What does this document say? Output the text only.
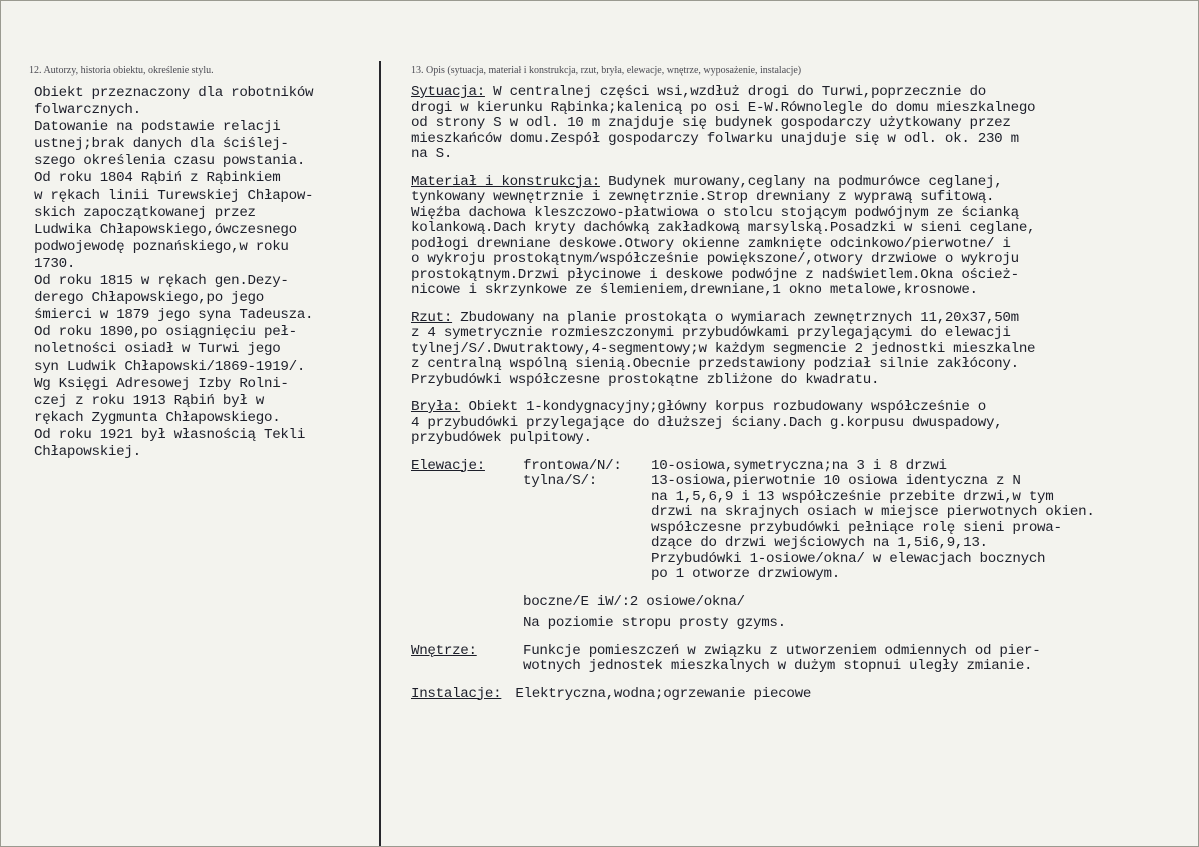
12. Autorzy, historia obiektu, określenie stylu.	13. Opis (sytuacja, materiał i konstrukcja, rzut, bryła, elewacje, wnętrze, wyposażenie, instalacje)
Obiekt przeznaczony dla robotników
folwarcznych.
Datowanie na podstawie relacji
ustnej;brak danych dla ściślej-
szego określenia czasu powstania.
Od roku 1804 Rąbiń z Rąbinkiem
w rękach linii Turewskiej Chłapow-
skich zapoczątkowanej przez
Ludwika Chłapowskiego,ówczesnego
podwojewodę poznańskiego,w roku
1730.
Od roku 1815 w rękach gen.Dezy-
derego Chłapowskiego,po jego
śmierci w 1879 jego syna Tadeusza.
Od roku 1890,po osiągnięciu peł-
noletności osiadł w Turwi jego
syn Ludwik Chłapowski/1869-1919/.
Wg Księgi Adresowej Izby Rolni-
czej z roku 1913 Rąbiń był w
rękach Zygmunta Chłapowskiego.
Od roku 1921 był własnością Tekli
Chłapowskiej.
Sytuacja: W centralnej części wsi,wzdłuż drogi do Turwi,poprzecznie do
drogi w kierunku Rąbinka;kalenicą po osi E-W.Równolegle do domu mieszkalnego
od strony S w odl. 10 m znajduje się budynek gospodarczy użytkowany przez
mieszkańców domu.Zespół gospodarczy folwarku unajduje się w odl. ok. 230 m
na S.
Materiał i konstrukcja: Budynek murowany,ceglany na podmurówce ceglanej,
tynkowany wewnętrznie i zewnętrznie.Strop drewniany z wyprawą sufitową.
Więźba dachowa kleszczowo-płatwiowa o stolcu stojącym podwójnym ze ścianką
kolankową.Dach kryty dachówką zakładkową marsylską.Posadzki w sieni ceglane,
podłogi drewniane deskowe.Otwory okienne zamknięte odcinkowo/pierwotne/ i
o wykroju prostokątnym/współcześnie powiększone/,otwory drzwiowe o wykroju
prostokątnym.Drzwi płycinowe i deskowe podwójne z nadświetlem.Okna oścież-
nicowe i skrzynkowe ze ślemieniem,drewniane,1 okno metalowe,krosnowe.
Rzut: Zbudowany na planie prostokąta o wymiarach zewnętrznych 11,20x37,50m
z 4 symetrycznie rozmieszczonymi przybudówkami przylegającymi do elewacji
tylnej/S/.Dwutraktowy,4-segmentowy;w każdym segmencie 2 jednostki mieszkalne
z centralną wspólną sienią.Obecnie przedstawiony podział silnie zakłócony.
Przybudówki współczesne prostokątne zbliżone do kwadratu.
Bryła: Obiekt 1-kondygnacyjny;główny korpus rozbudowany współcześnie o
4 przybudówki przylegające do dłuższej ściany.Dach g.korpusu dwuspadowy,
przybudówek pulpitowy.
Elewacje:	frontowa/N/:	10-osiowa,symetryczna;na 3 i 8 drzwi
tylna/S/:	13-osiowa,pierwotnie 10 osiowa identyczna z N
na 1,5,6,9 i 13 współcześnie przebite drzwi,w tym
drzwi na skrajnych osiach w miejsce pierwotnych okien.
współczesne przybudówki pełniące rolę sieni prowa-
dzące do drzwi wejściowych na 1,5i6,9,13.
Przybudówki 1-osiowe/okna/ w elewacjach bocznych
po 1 otworze drzwiowym.
boczne/E iW/:2 osiowe/okna/
Na poziomie stropu prosty gzyms.
Wnętrze:	Funkcje pomieszczeń w związku z utworzeniem odmiennych od pier-
wotnych jednostek mieszkalnych w dużym stopnui uległy zmianie.
Instalacje: Elektryczna,wodna;ogrzewanie piecowe
